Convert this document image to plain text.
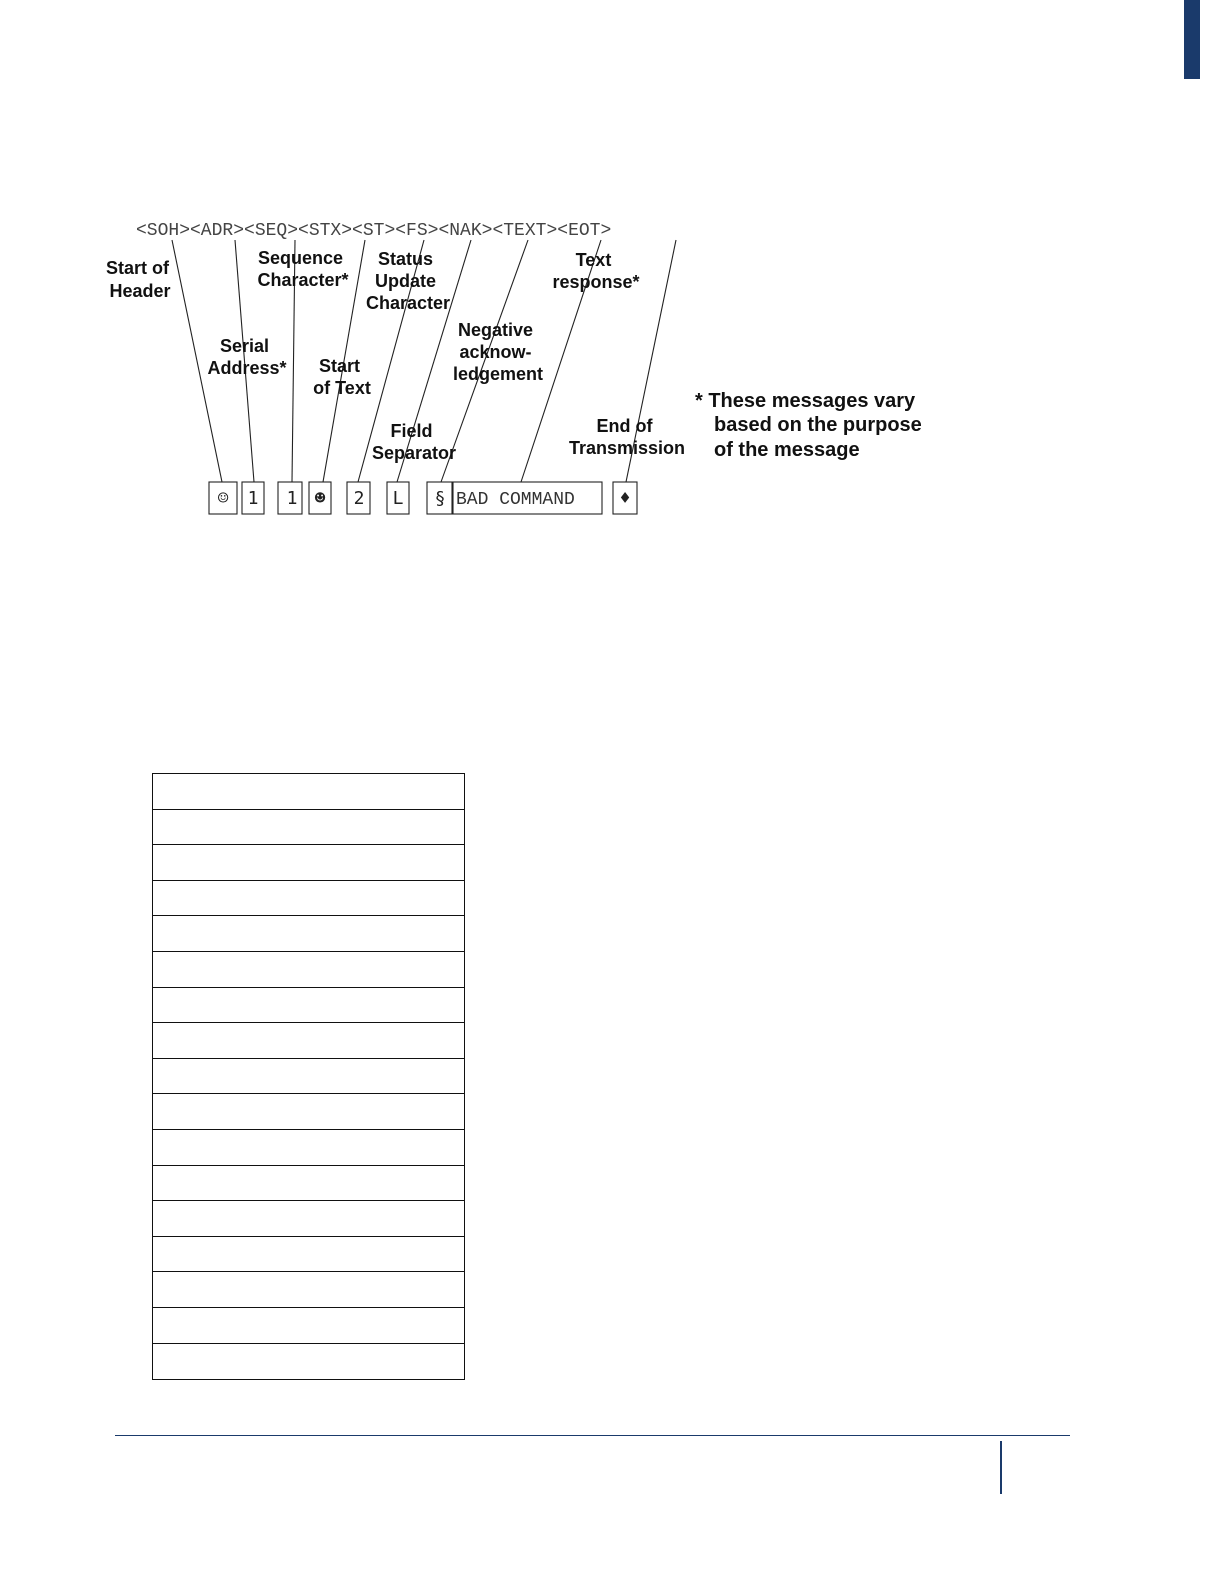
<SOH><ADR><SEQ><STX><ST><FS><NAK><TEXT><EOT>
Start of Header
Sequence Character*
Status Update Character
Text response*
Negative acknow- ledgement
Serial Address*	Start of Text
Field Separator
End of Transmission
* These messages vary based on the purpose of the message
☺ 1 1 ☻ 2 L § BAD COMMAND ♦
